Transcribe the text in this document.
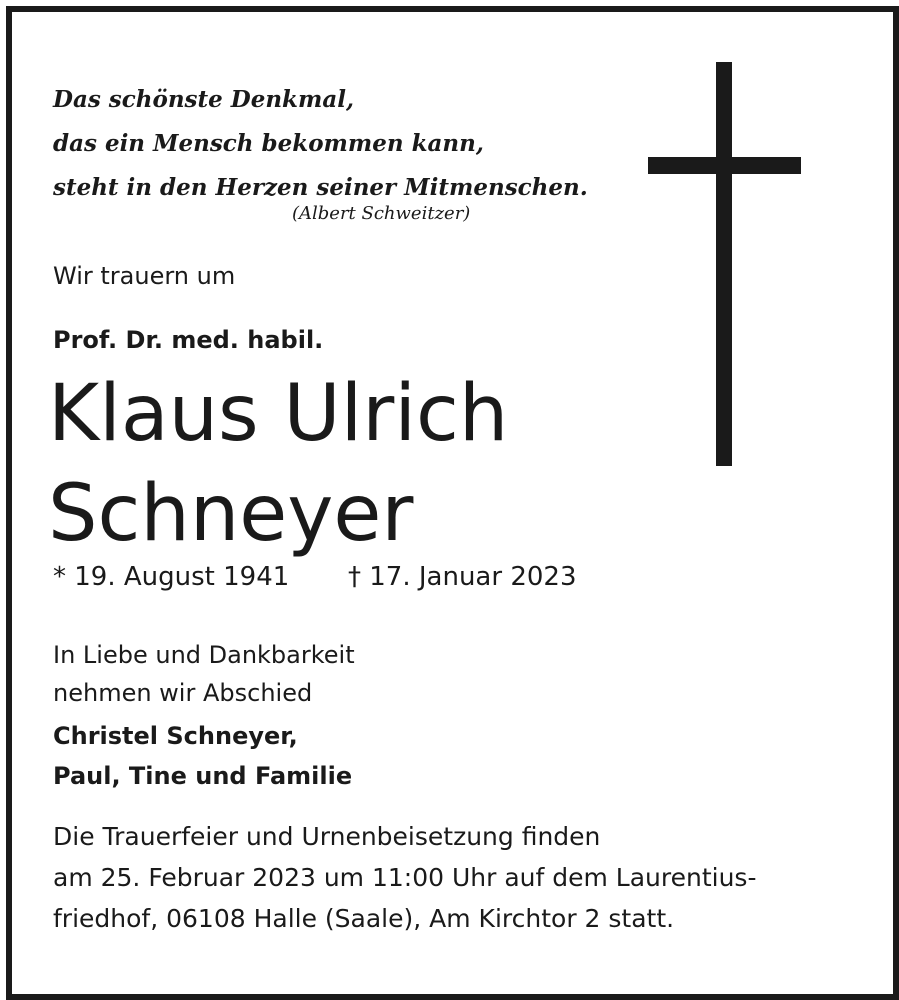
Das schönste Denkmal,
das ein Mensch bekommen kann,
steht in den Herzen seiner Mitmenschen.
(Albert Schweitzer)
Wir trauern um
Prof. Dr. med. habil.
Klaus Ulrich
Schneyer
* 19. August 1941 † 17. Januar 2023
In Liebe und Dankbarkeit
nehmen wir Abschied
Christel Schneyer,
Paul, Tine und Familie
Die Trauerfeier und Urnenbeisetzung finden
am 25. Februar 2023 um 11:00 Uhr auf dem Laurentius-
friedhof, 06108 Halle (Saale), Am Kirchtor 2 statt.
